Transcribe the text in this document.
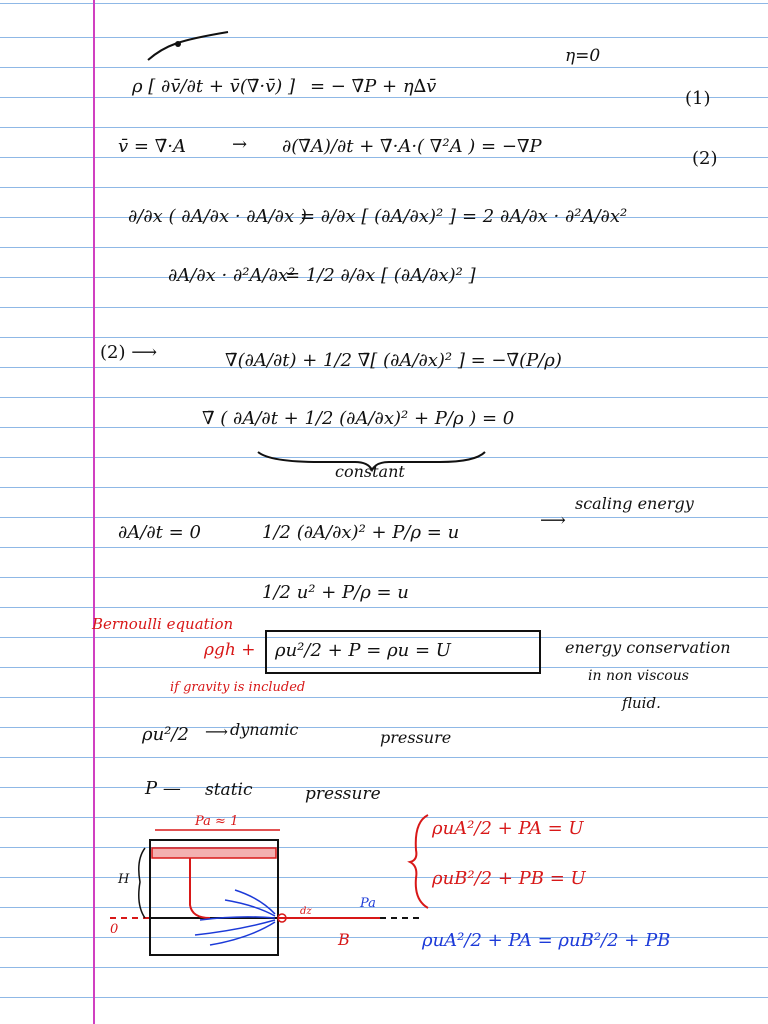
η=0
ρ [ ∂v̄/∂t + v̄(∇̄·v̄) ] = − ∇̄P + η∆v̄
(1)
v̄ = ∇̄·A	→ ∂(∇̄A)/∂t + ∇̄·A·( ∇²A ) = −∇P
(2)
∂/∂x ( ∂A/∂x · ∂A/∂x )
= ∂/∂x [ (∂A/∂x)² ] = 2 ∂A/∂x · ∂²A/∂x²
∂A/∂x · ∂²A/∂x²
= 1/2 ∂/∂x [ (∂A/∂x)² ]
(2) ⟶	∇̄(∂A/∂t) + 1/2 ∇̄[ (∂A/∂x)² ] = −∇̄(P/ρ)
∇̄ ( ∂A/∂t + 1/2 (∂A/∂x)² + P/ρ ) = 0
constant
∂A/∂t = 0	1/2 (∂A/∂x)² + P/ρ = u
⟶
scaling energy
1/2 u² + P/ρ = u
Bernoulli equation
ρgh + ρu²/2 + P = ρu = U
if gravity is included
energy conservation
in non viscous
fluid.
ρu²/2 ⟶ dynamic	pressure
P — static	pressure
Pa ≈ 1
Pa
H
0
B
dz
ρuA²/2 + PA = U
ρuB²/2 + PB = U
ρuA²/2 + PA = ρuB²/2 + PB
